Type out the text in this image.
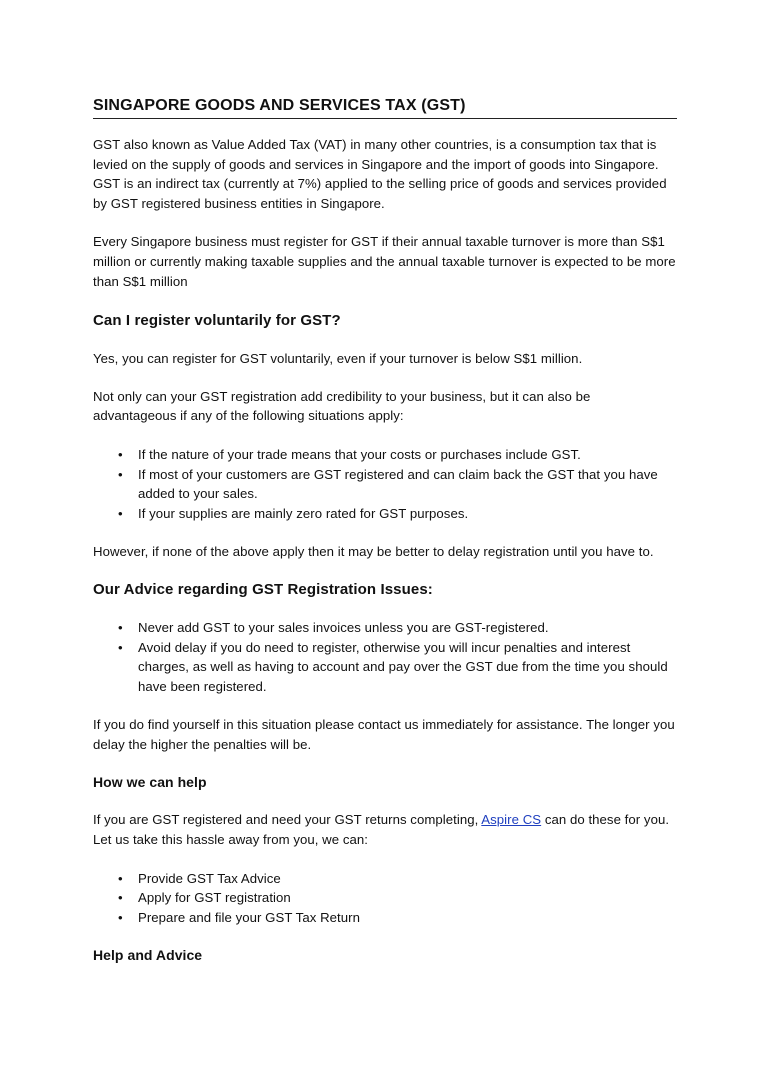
SINGAPORE GOODS AND SERVICES TAX (GST)

GST also known as Value Added Tax (VAT) in many other countries, is a consumption tax that is levied on the supply of goods and services in Singapore and the import of goods into Singapore. GST is an indirect tax (currently at 7%) applied to the selling price of goods and services provided by GST registered business entities in Singapore.

Every Singapore business must register for GST if their annual taxable turnover is more than S$1 million or currently making taxable supplies and the annual taxable turnover is expected to be more than S$1 million

Can I register voluntarily for GST?

Yes, you can register for GST voluntarily, even if your turnover is below S$1 million.

Not only can your GST registration add credibility to your business, but it can also be advantageous if any of the following situations apply:

• If the nature of your trade means that your costs or purchases include GST.
• If most of your customers are GST registered and can claim back the GST that you have added to your sales.
• If your supplies are mainly zero rated for GST purposes.

However, if none of the above apply then it may be better to delay registration until you have to.

Our Advice regarding GST Registration Issues:
• Never add GST to your sales invoices unless you are GST-registered.
• Avoid delay if you do need to register, otherwise you will incur penalties and interest charges, as well as having to account and pay over the GST due from the time you should have been registered.

If you do find yourself in this situation please contact us immediately for assistance. The longer you delay the higher the penalties will be.

How we can help

If you are GST registered and need your GST returns completing, Aspire CS can do these for you. Let us take this hassle away from you, we can:

• Provide GST Tax Advice
• Apply for GST registration
• Prepare and file your GST Tax Return
Help and Advice
